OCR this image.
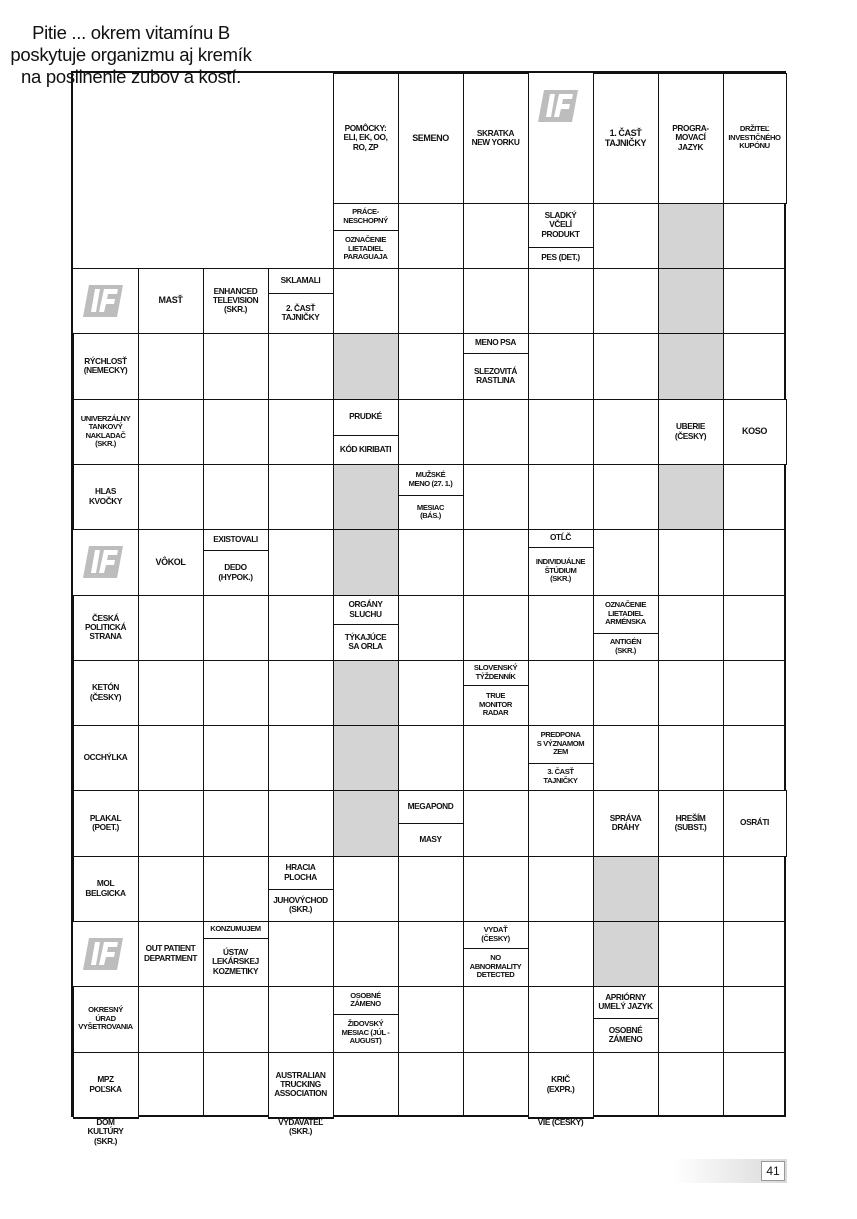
POMÔCKY:
ELI, EK, OO,
RO, ZP
SEMENO
SKRATKA
NEW YORKU
1. ČASŤ
TAJNIČKY
PROGRA-
MOVACÍ
JAZYK
DRŽITEĽ
INVESTIČNÉHO
KUPÓNU
PRÁCE-
NESCHOPNÝ
OZNAČENIE
LIETADIEL
PARAGUAJA
SLADKÝ
VČELÍ
PRODUKT
PES (DET.)
MASŤ
ENHANCED
TELEVISION
(SKR.)
SKLAMALI
2. ČASŤ
TAJNIČKY
RÝCHLOSŤ
(NEMECKY)
MENO PSA
SLEZOVITÁ
RASTLINA
UNIVERZÁLNY
TANKOVÝ
NAKLADAČ
(SKR.)
PRUDKÉ
KÓD KIRIBATI
UBERIE
(ČESKY)	KOSO
HLAS
KVOČKY
MUŽSKÉ
MENO (27. 1.)
MESIAC
(BÁS.)
VÔKOL
EXISTOVALI
DEDO
(HYPOK.)
OTĹČ
INDIVIDUÁLNE
ŠTÚDIUM
(SKR.)
ČESKÁ
POLITICKÁ
STRANA
ORGÁNY
SLUCHU
TÝKAJÚCE
SA ORLA
OZNAČENIE
LIETADIEL
ARMÉNSKA
ANTIGÉN
(SKR.)
KETÓN
(ČESKY)
SLOVENSKÝ
TÝŽDENNÍK
TRUE
MONITOR
RADAR
OCCHÝLKA
PREDPONA
S VÝZNAMOM
ZEM
3. ČASŤ
TAJNIČKY
PLAKAL
(POET.)
MEGAPOND
MASY
SPRÁVA
DRÁHY
HREŠÍM
(SUBST.)	OSRÁTI
MOL
BELGICKA
HRACIA
PLOCHA
JUHOVÝCHOD
(SKR.)
OUT PATIENT
DEPARTMENT
KONZUMUJEM
ÚSTAV
LEKÁRSKEJ
KOZMETIKY
VYDAŤ
(ČESKY)
NO
ABNORMALITY
DETECTED
OKRESNÝ
ÚRAD
VYŠETROVANIA
OSOBNÉ
ZÁMENO
ŽIDOVSKÝ
MESIAC (JÚL -
AUGUST)
APRIÓRNY
UMELÝ JAZYK
OSOBNÉ
ZÁMENO
MPZ
POĽSKA
AUSTRALIAN
TRUCKING
ASSOCIATION
KRIČ
(EXPR.)
DOM
KULTÚRY
(SKR.)
VYDAVATEĽ
(SKR.)
VIE (ČESKY)
Pitie ... okrem vitamínu B
poskytuje organizmu aj kremík
na posilnenie zubov a kostí.
41
